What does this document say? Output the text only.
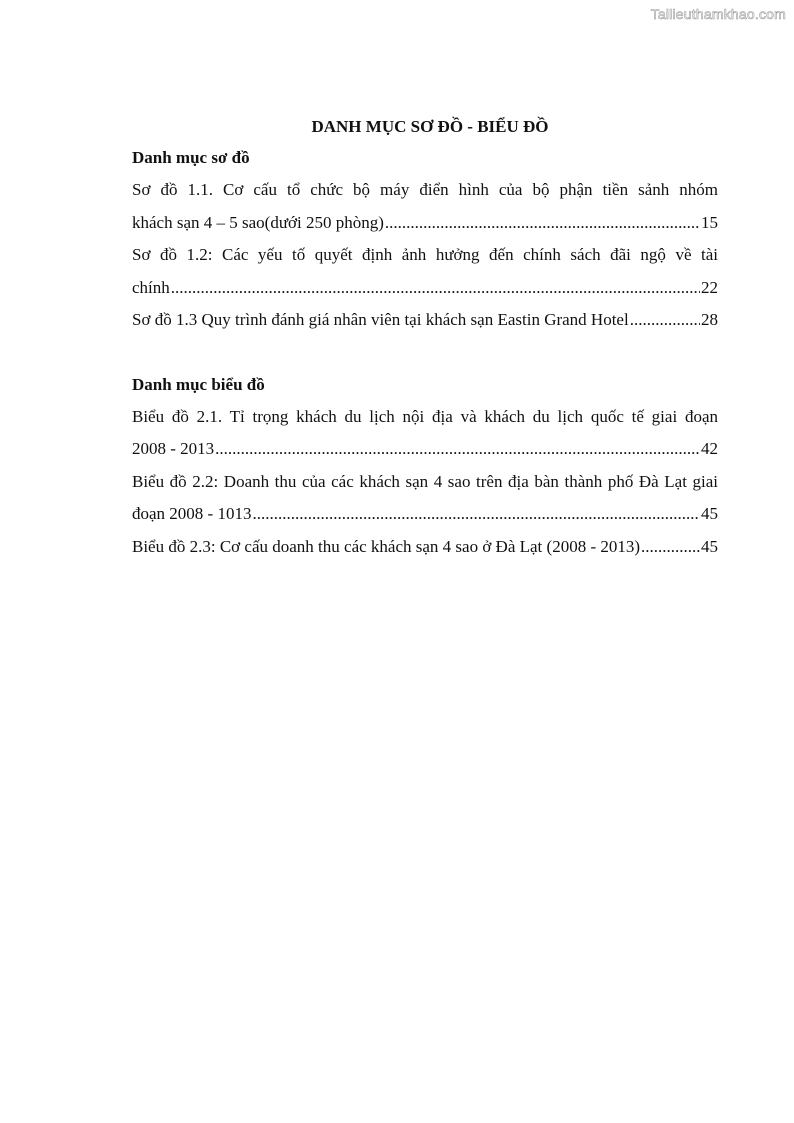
Tailieuthamkhao.com
DANH MỤC SƠ ĐỒ - BIỂU ĐỒ
Danh mục sơ đồ
Sơ đồ 1.1. Cơ cấu tổ chức bộ máy điển hình của bộ phận tiền sảnh nhóm
khách sạn 4 – 5 sao(dưới 250 phòng) .....	15
Sơ đồ 1.2: Các yếu tố quyết định ảnh hưởng đến chính sách đãi ngộ về tài
chính .....	22
Sơ đồ 1.3 Quy trình đánh giá nhân viên tại khách sạn Eastin Grand Hotel .....	28
Danh mục biểu đồ
Biểu đồ 2.1. Tỉ trọng khách du lịch nội địa và khách du lịch quốc tế giai đoạn
2008 - 2013 .....	42
Biểu đồ 2.2: Doanh thu của các khách sạn 4 sao trên địa bàn thành phố Đà Lạt giai
đoạn 2008 - 1013 .....	45
Biểu đồ 2.3: Cơ cấu doanh thu các khách sạn 4 sao ở Đà Lạt (2008 - 2013) .....	45
